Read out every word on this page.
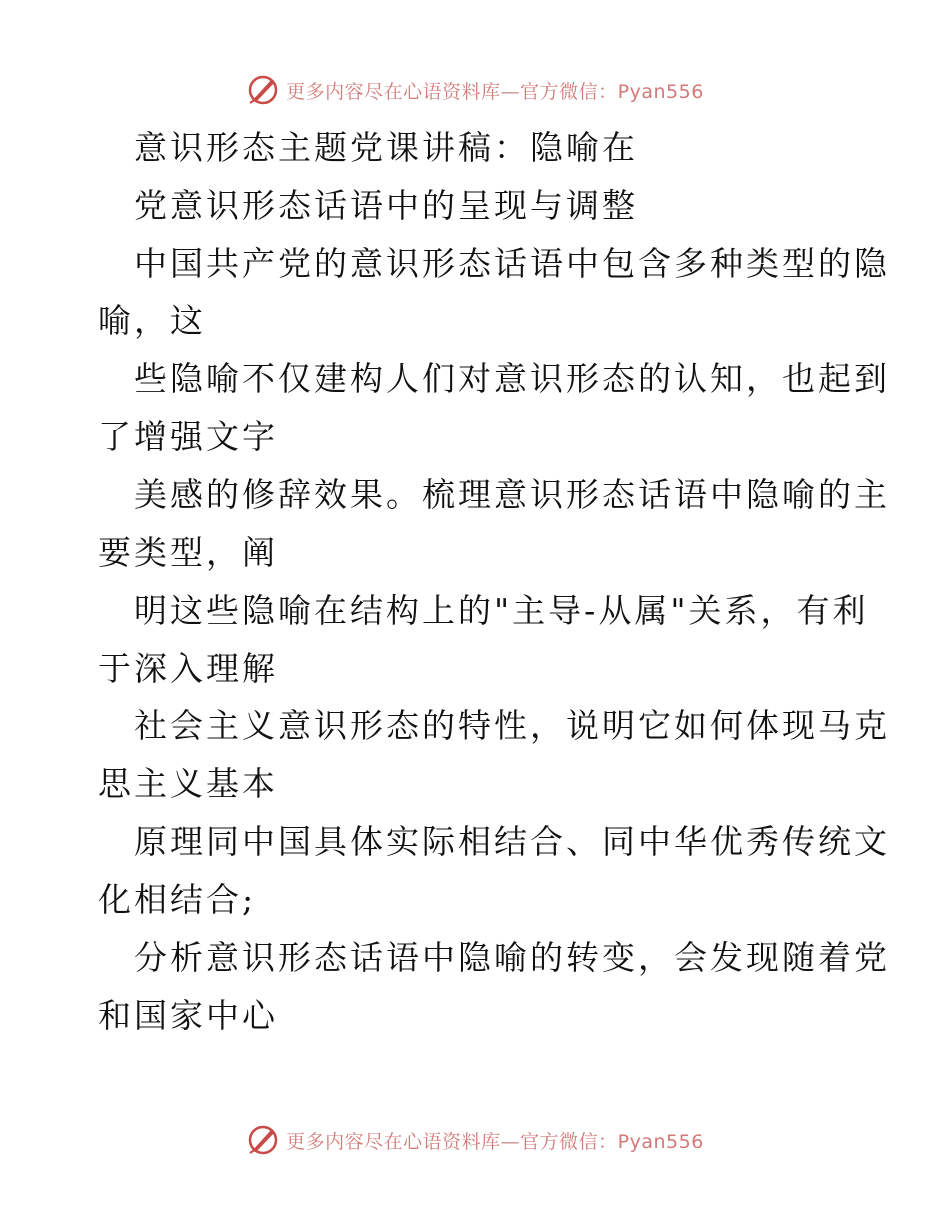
更多内容尽在心语资料库—官方微信：Pyan556
意识形态主题党课讲稿：隐喻在
党意识形态话语中的呈现与调整
中国共产党的意识形态话语中包含多种类型的隐
喻，这
些隐喻不仅建构人们对意识形态的认知，也起到
了增强文字
美感的修辞效果。梳理意识形态话语中隐喻的主
要类型，阐
明这些隐喻在结构上的"主导-从属"关系，有利
于深入理解
社会主义意识形态的特性，说明它如何体现马克
思主义基本
原理同中国具体实际相结合、同中华优秀传统文
化相结合;
分析意识形态话语中隐喻的转变，会发现随着党
和国家中心
更多内容尽在心语资料库—官方微信：Pyan556
